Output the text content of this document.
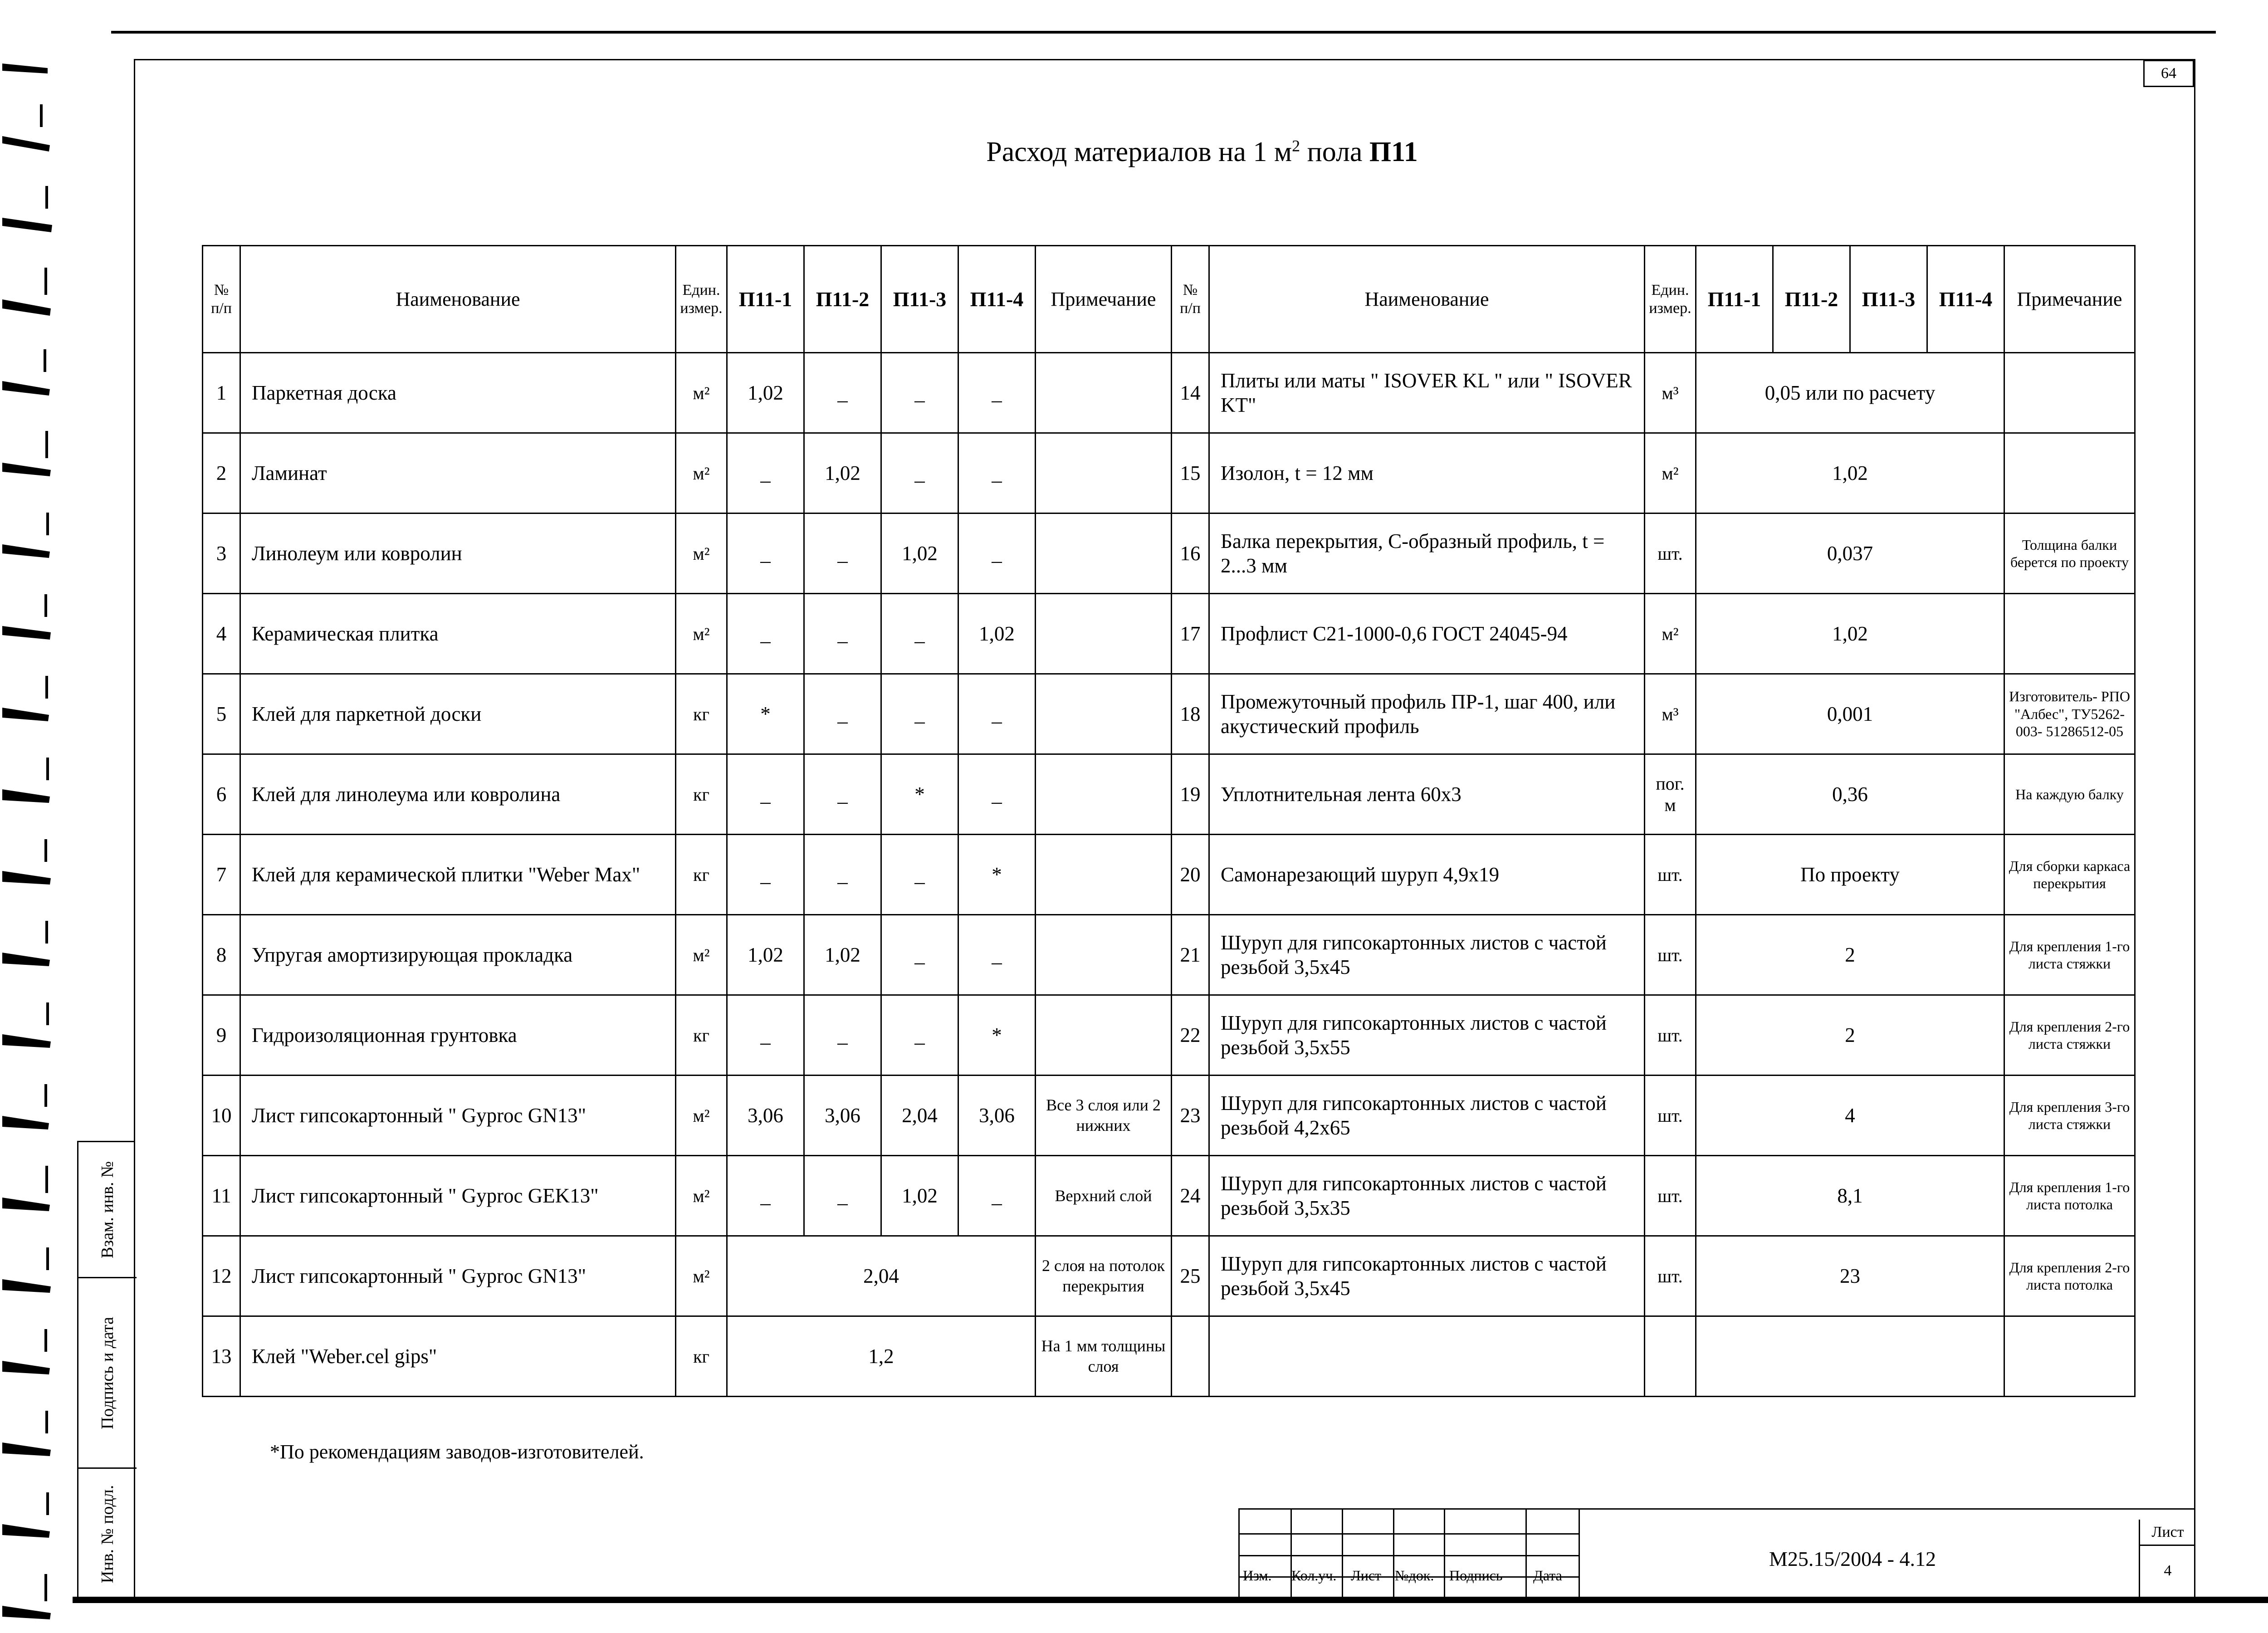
64
Расход материалов на 1 $м^2$ пола П11
№ п/п	Наименование	Един. измер.	П11-1	П11-2	П11-3	П11-4	Примечание	№ п/п	Наименование	Един. измер.	П11-1	П11-2	П11-3	П11-4	Примечание
1	Паркетная доска	м²	1,02	_	_	_		14	Плиты или маты " ISOVER KL " или " ISOVER KT"	м³	0,05 или по расчету				
2	Ламинат	м²	_	1,02	_	_		15	Изолон, t = 12 мм	м²	1,02				
3	Линолеум или ковролин	м²	_	_	1,02	_		16	Балка перекрытия, С-образный профиль, t = 2...3 мм	шт.	0,037				Толщина балки берется по проекту
4	Керамическая плитка	м²	_	_	_	1,02		17	Профлист С21-1000-0,6 ГОСТ 24045-94	м²	1,02				
5	Клей для паркетной доски	кг	*	_	_	_		18	Промежуточный профиль ПР-1, шаг 400, или акустический профиль	м³	0,001				Изготовитель- РПО "Албес", ТУ5262-003- 51286512-05
6	Клей для линолеума или ковролина	кг	_	_	*	_		19	Уплотнительная лента 60х3	пог. м	0,36				На каждую балку
7	Клей для керамической плитки "Weber Max"	кг	_	_	_	*		20	Самонарезающий шуруп 4,9х19	шт.	По проекту				Для сборки каркаса перекрытия
8	Упругая амортизирующая прокладка	м²	1,02	1,02	_	_		21	Шуруп для гипсокартонных листов с частой резьбой 3,5х45	шт.	2				Для крепления 1-го листа стяжки
9	Гидроизоляционная грунтовка	кг	_	_	_	*		22	Шуруп для гипсокартонных листов с частой резьбой 3,5х55	шт.	2				Для крепления 2-го листа стяжки
10	Лист гипсокартонный " Gyproc GN13"	м²	3,06	3,06	2,04	3,06	Все 3 слоя или 2 нижних	23	Шуруп для гипсокартонных листов с частой резьбой 4,2х65	шт.	4				Для крепления 3-го листа стяжки
11	Лист гипсокартонный " Gyproc GEK13"	м²	_	_	1,02	_	Верхний слой	24	Шуруп для гипсокартонных листов с частой резьбой 3,5х35	шт.	8,1				Для крепления 1-го листа потолка
12	Лист гипсокартонный " Gyproc GN13"	м²	2,04				2 слоя на потолок перекрытия	25	Шуруп для гипсокартонных листов с частой резьбой 3,5х45	шт.	23				Для крепления 2-го листа потолка
13	Клей "Weber.cel gips"	кг	1,2				На 1 мм толщины слоя								
*По рекомендациям заводов-изготовителей.
Взам. инв. №
Подпись и дата
Инв. № подл.	Изм. Кол.уч. Лист №док. Подпись Дата
М25.15/2004 - 4.12
Лист
4
